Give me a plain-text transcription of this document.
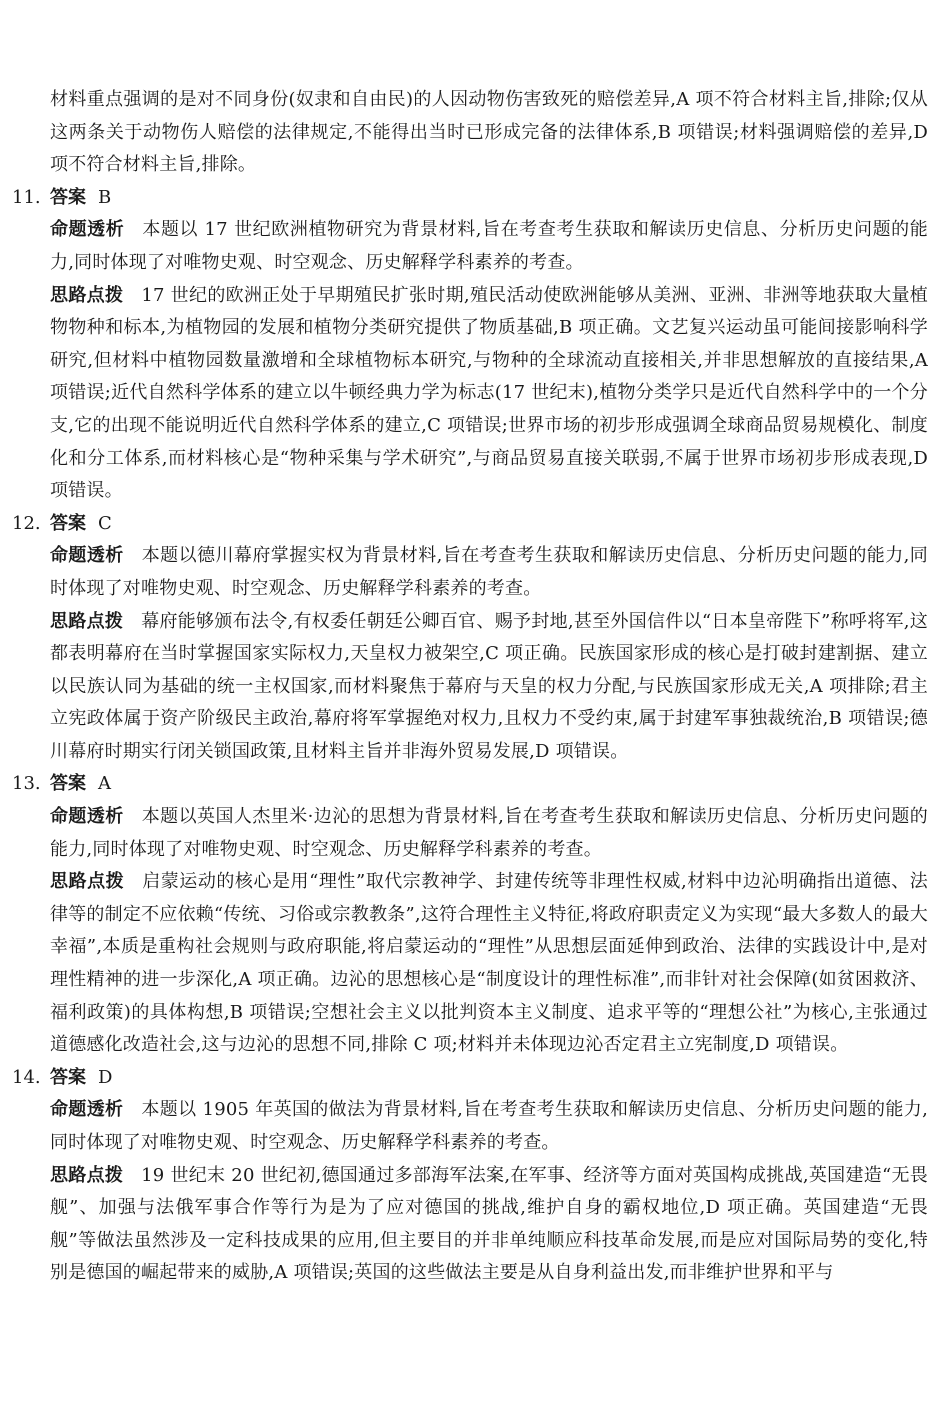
材料重点强调的是对不同身份(奴隶和自由民)的人因动物伤害致死的赔偿差异,A 项不符合材料主旨,排除;仅从这两条关于动物伤人赔偿的法律规定,不能得出当时已形成完备的法律体系,B 项错误;材料强调赔偿的差异,D 项不符合材料主旨,排除。

11. 答案 B

命题透析 本题以 17 世纪欧洲植物研究为背景材料,旨在考查考生获取和解读历史信息、分析历史问题的能力,同时体现了对唯物史观、时空观念、历史解释学科素养的考查。

思路点拨 17 世纪的欧洲正处于早期殖民扩张时期,殖民活动使欧洲能够从美洲、亚洲、非洲等地获取大量植物物种和标本,为植物园的发展和植物分类研究提供了物质基础,B 项正确。文艺复兴运动虽可能间接影响科学研究,但材料中植物园数量激增和全球植物标本研究,与物种的全球流动直接相关,并非思想解放的直接结果,A 项错误;近代自然科学体系的建立以牛顿经典力学为标志(17 世纪末),植物分类学只是近代自然科学中的一个分支,它的出现不能说明近代自然科学体系的建立,C 项错误;世界市场的初步形成强调全球商品贸易规模化、制度化和分工体系,而材料核心是“物种采集与学术研究”,与商品贸易直接关联弱,不属于世界市场初步形成表现,D 项错误。

12. 答案 C

命题透析 本题以德川幕府掌握实权为背景材料,旨在考查考生获取和解读历史信息、分析历史问题的能力,同时体现了对唯物史观、时空观念、历史解释学科素养的考查。

思路点拨 幕府能够颁布法令,有权委任朝廷公卿百官、赐予封地,甚至外国信件以“日本皇帝陛下”称呼将军,这都表明幕府在当时掌握国家实际权力,天皇权力被架空,C 项正确。民族国家形成的核心是打破封建割据、建立以民族认同为基础的统一主权国家,而材料聚焦于幕府与天皇的权力分配,与民族国家形成无关,A 项排除;君主立宪政体属于资产阶级民主政治,幕府将军掌握绝对权力,且权力不受约束,属于封建军事独裁统治,B 项错误;德川幕府时期实行闭关锁国政策,且材料主旨并非海外贸易发展,D 项错误。

13. 答案 A

命题透析 本题以英国人杰里米·边沁的思想为背景材料,旨在考查考生获取和解读历史信息、分析历史问题的能力,同时体现了对唯物史观、时空观念、历史解释学科素养的考查。

思路点拨 启蒙运动的核心是用“理性”取代宗教神学、封建传统等非理性权威,材料中边沁明确指出道德、法律等的制定不应依赖“传统、习俗或宗教教条”,这符合理性主义特征,将政府职责定义为实现“最大多数人的最大幸福”,本质是重构社会规则与政府职能,将启蒙运动的“理性”从思想层面延伸到政治、法律的实践设计中,是对理性精神的进一步深化,A 项正确。边沁的思想核心是“制度设计的理性标准”,而非针对社会保障(如贫困救济、福利政策)的具体构想,B 项错误;空想社会主义以批判资本主义制度、追求平等的“理想公社”为核心,主张通过道德感化改造社会,这与边沁的思想不同,排除 C 项;材料并未体现边沁否定君主立宪制度,D 项错误。

14. 答案 D

命题透析 本题以 1905 年英国的做法为背景材料,旨在考查考生获取和解读历史信息、分析历史问题的能力,同时体现了对唯物史观、时空观念、历史解释学科素养的考查。

思路点拨 19 世纪末 20 世纪初,德国通过多部海军法案,在军事、经济等方面对英国构成挑战,英国建造“无畏舰”、加强与法俄军事合作等行为是为了应对德国的挑战,维护自身的霸权地位,D 项正确。英国建造“无畏舰”等做法虽然涉及一定科技成果的应用,但主要目的并非单纯顺应科技革命发展,而是应对国际局势的变化,特别是德国的崛起带来的威胁,A 项错误;英国的这些做法主要是从自身利益出发,而非维护世界和平与
